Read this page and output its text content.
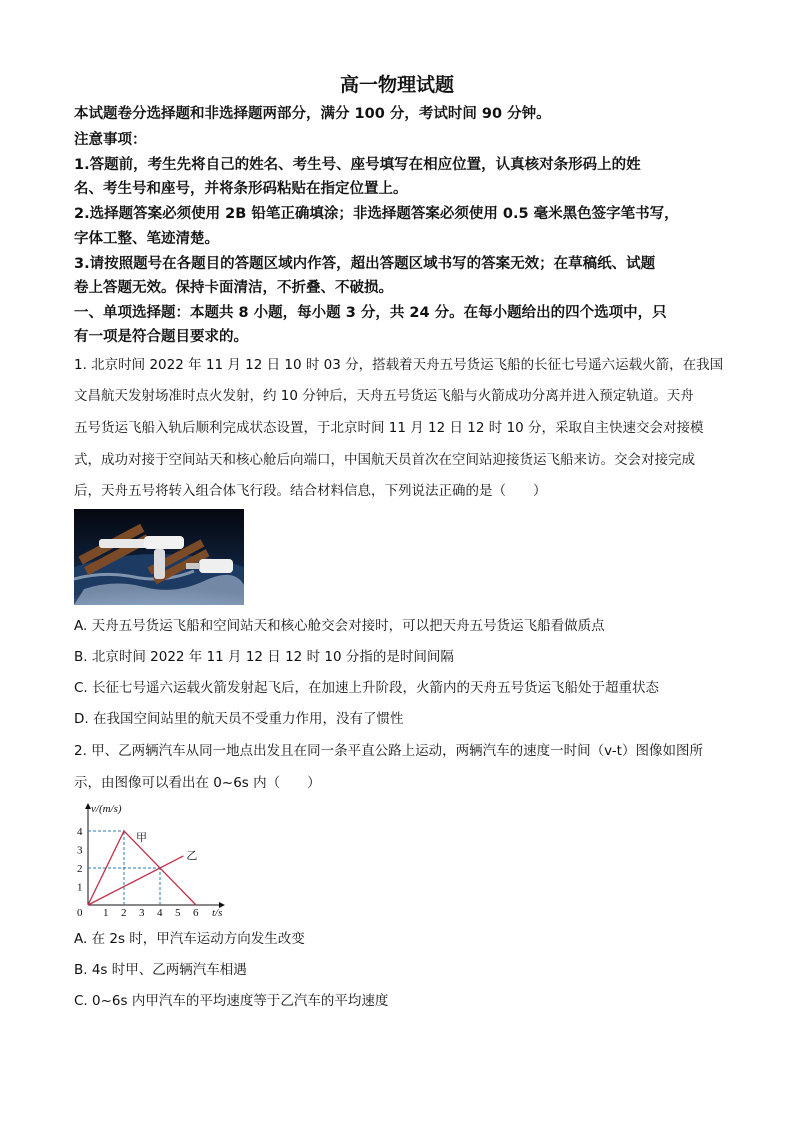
高一物理试题
本试题卷分选择题和非选择题两部分，满分 100 分，考试时间 90 分钟。
注意事项：
1.答题前，考生先将自己的姓名、考生号、座号填写在相应位置，认真核对条形码上的姓
名、考生号和座号，并将条形码粘贴在指定位置上。
2.选择题答案必须使用 2B 铅笔正确填涂；非选择题答案必须使用 0.5 毫米黑色签字笔书写，
字体工整、笔迹清楚。
3.请按照题号在各题目的答题区域内作答，超出答题区域书写的答案无效；在草稿纸、试题
卷上答题无效。保持卡面清洁，不折叠、不破损。
一、单项选择题：本题共 8 小题，每小题 3 分，共 24 分。在每小题给出的四个选项中，只
有一项是符合题目要求的。
1. 北京时间 2022 年 11 月 12 日 10 时 03 分，搭载着天舟五号货运飞船的长征七号遥六运载火箭，在我国
文昌航天发射场准时点火发射，约 10 分钟后，天舟五号货运飞船与火箭成功分离并进入预定轨道。天舟
五号货运飞船入轨后顺利完成状态设置，于北京时间 11 月 12 日 12 时 10 分，采取自主快速交会对接模
式，成功对接于空间站天和核心舱后向端口，中国航天员首次在空间站迎接货运飞船来访。交会对接完成
后，天舟五号将转入组合体飞行段。结合材料信息，下列说法正确的是（　　）
A. 天舟五号货运飞船和空间站天和核心舱交会对接时，可以把天舟五号货运飞船看做质点
B. 北京时间 2022 年 11 月 12 日 12 时 10 分指的是时间间隔
C. 长征七号遥六运载火箭发射起飞后，在加速上升阶段，火箭内的天舟五号货运飞船处于超重状态
D. 在我国空间站里的航天员不受重力作用，没有了惯性
2. 甲、乙两辆汽车从同一地点出发且在同一条平直公路上运动，两辆汽车的速度一时间（v-t）图像如图所
示，由图像可以看出在 0~6s 内（　　）
甲
乙
1 2 3 4 5 6
1
2
3
4
0
v/(m/s)
t/s
A. 在 2s 时，甲汽车运动方向发生改变
B. 4s 时甲、乙两辆汽车相遇
C. 0~6s 内甲汽车的平均速度等于乙汽车的平均速度
